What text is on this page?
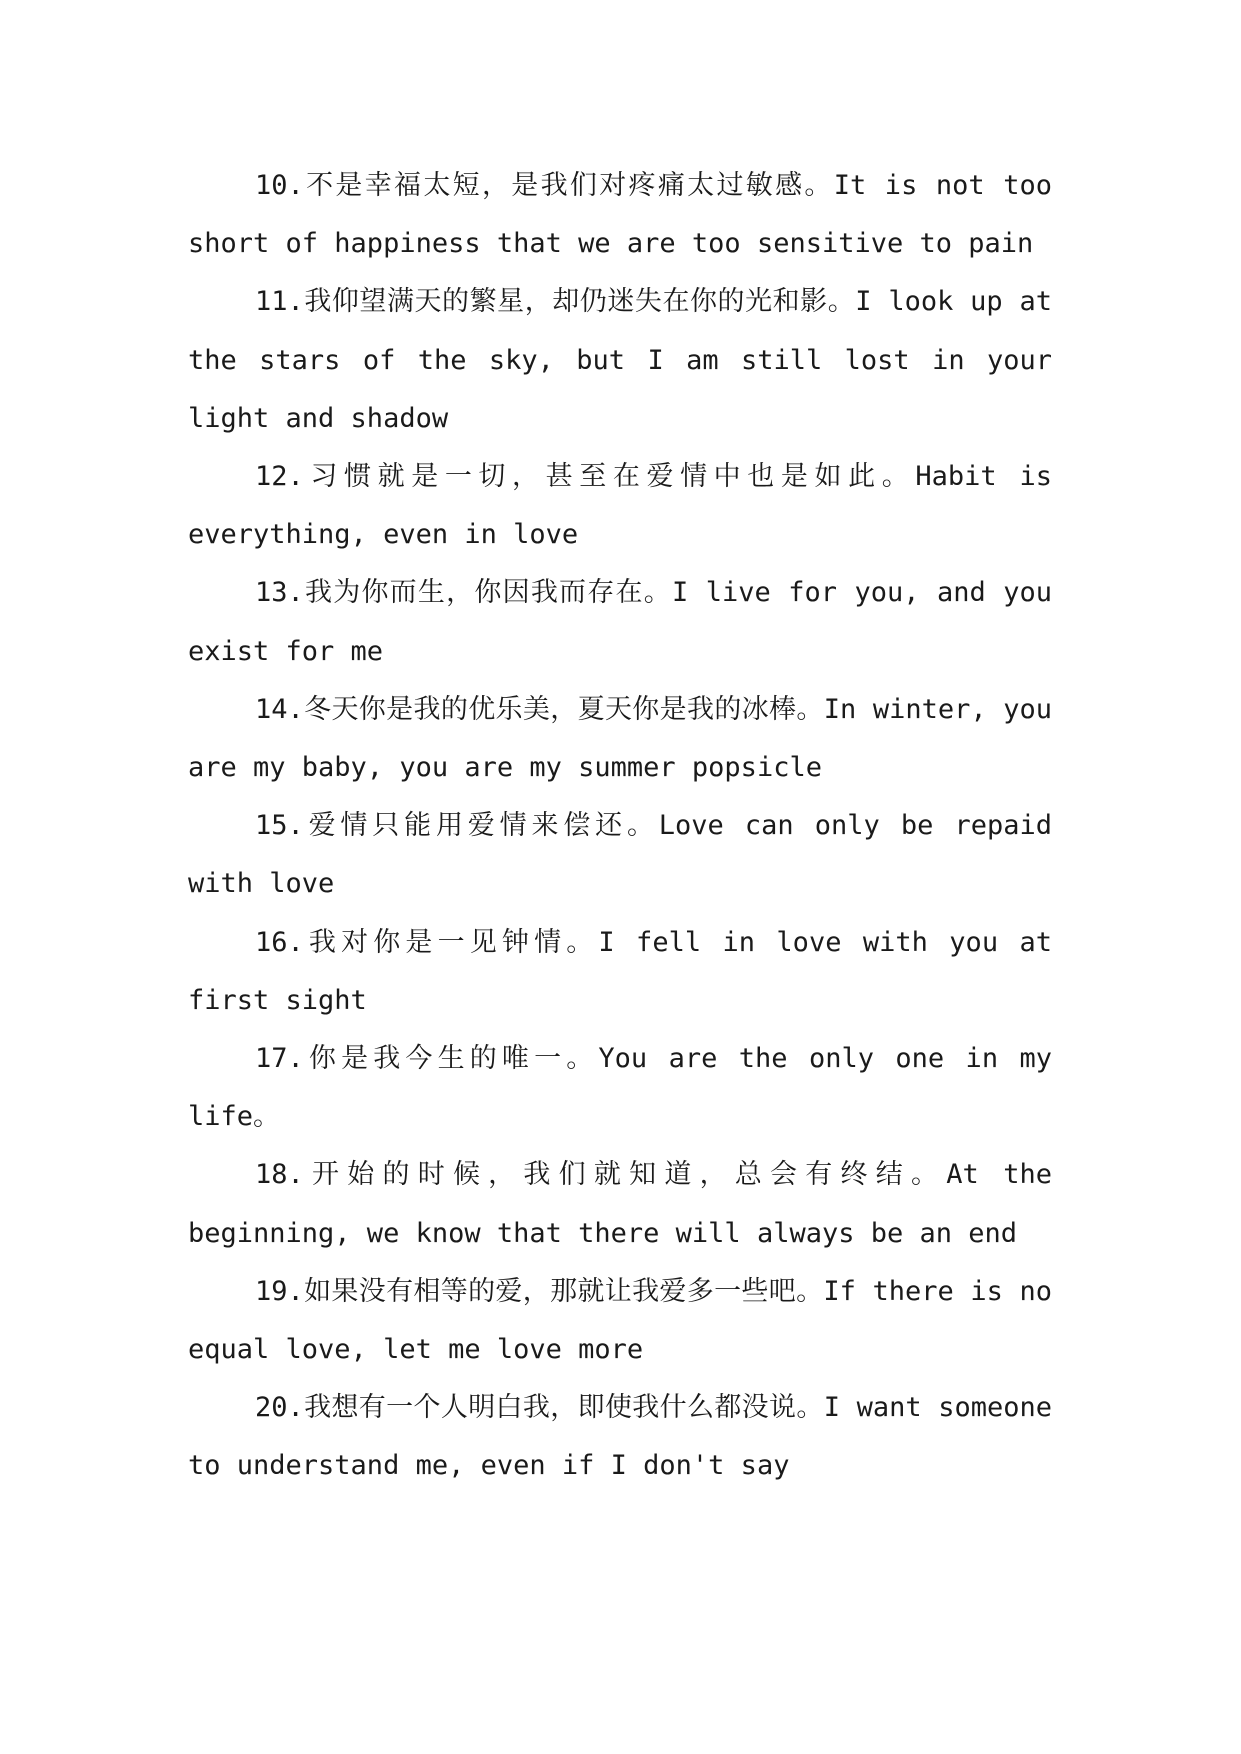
10.不是幸福太短，是我们对疼痛太过敏感。It is not too short of happiness that we are too sensitive to pain

11.我仰望满天的繁星，却仍迷失在你的光和影。I look up at the stars of the sky, but I am still lost in your light and shadow

12.习惯就是一切，甚至在爱情中也是如此。Habit is everything, even in love

13.我为你而生，你因我而存在。I live for you, and you exist for me

14.冬天你是我的优乐美，夏天你是我的冰棒。In winter, you are my baby, you are my summer popsicle

15.爱情只能用爱情来偿还。Love can only be repaid with love

16.我对你是一见钟情。I fell in love with you at first sight

17.你是我今生的唯一。You are the only one in my life。

18.开始的时候，我们就知道，总会有终结。At the beginning, we know that there will always be an end

19.如果没有相等的爱，那就让我爱多一些吧。If there is no equal love, let me love more

20.我想有一个人明白我，即使我什么都没说。I want someone to understand me, even if I don't say
